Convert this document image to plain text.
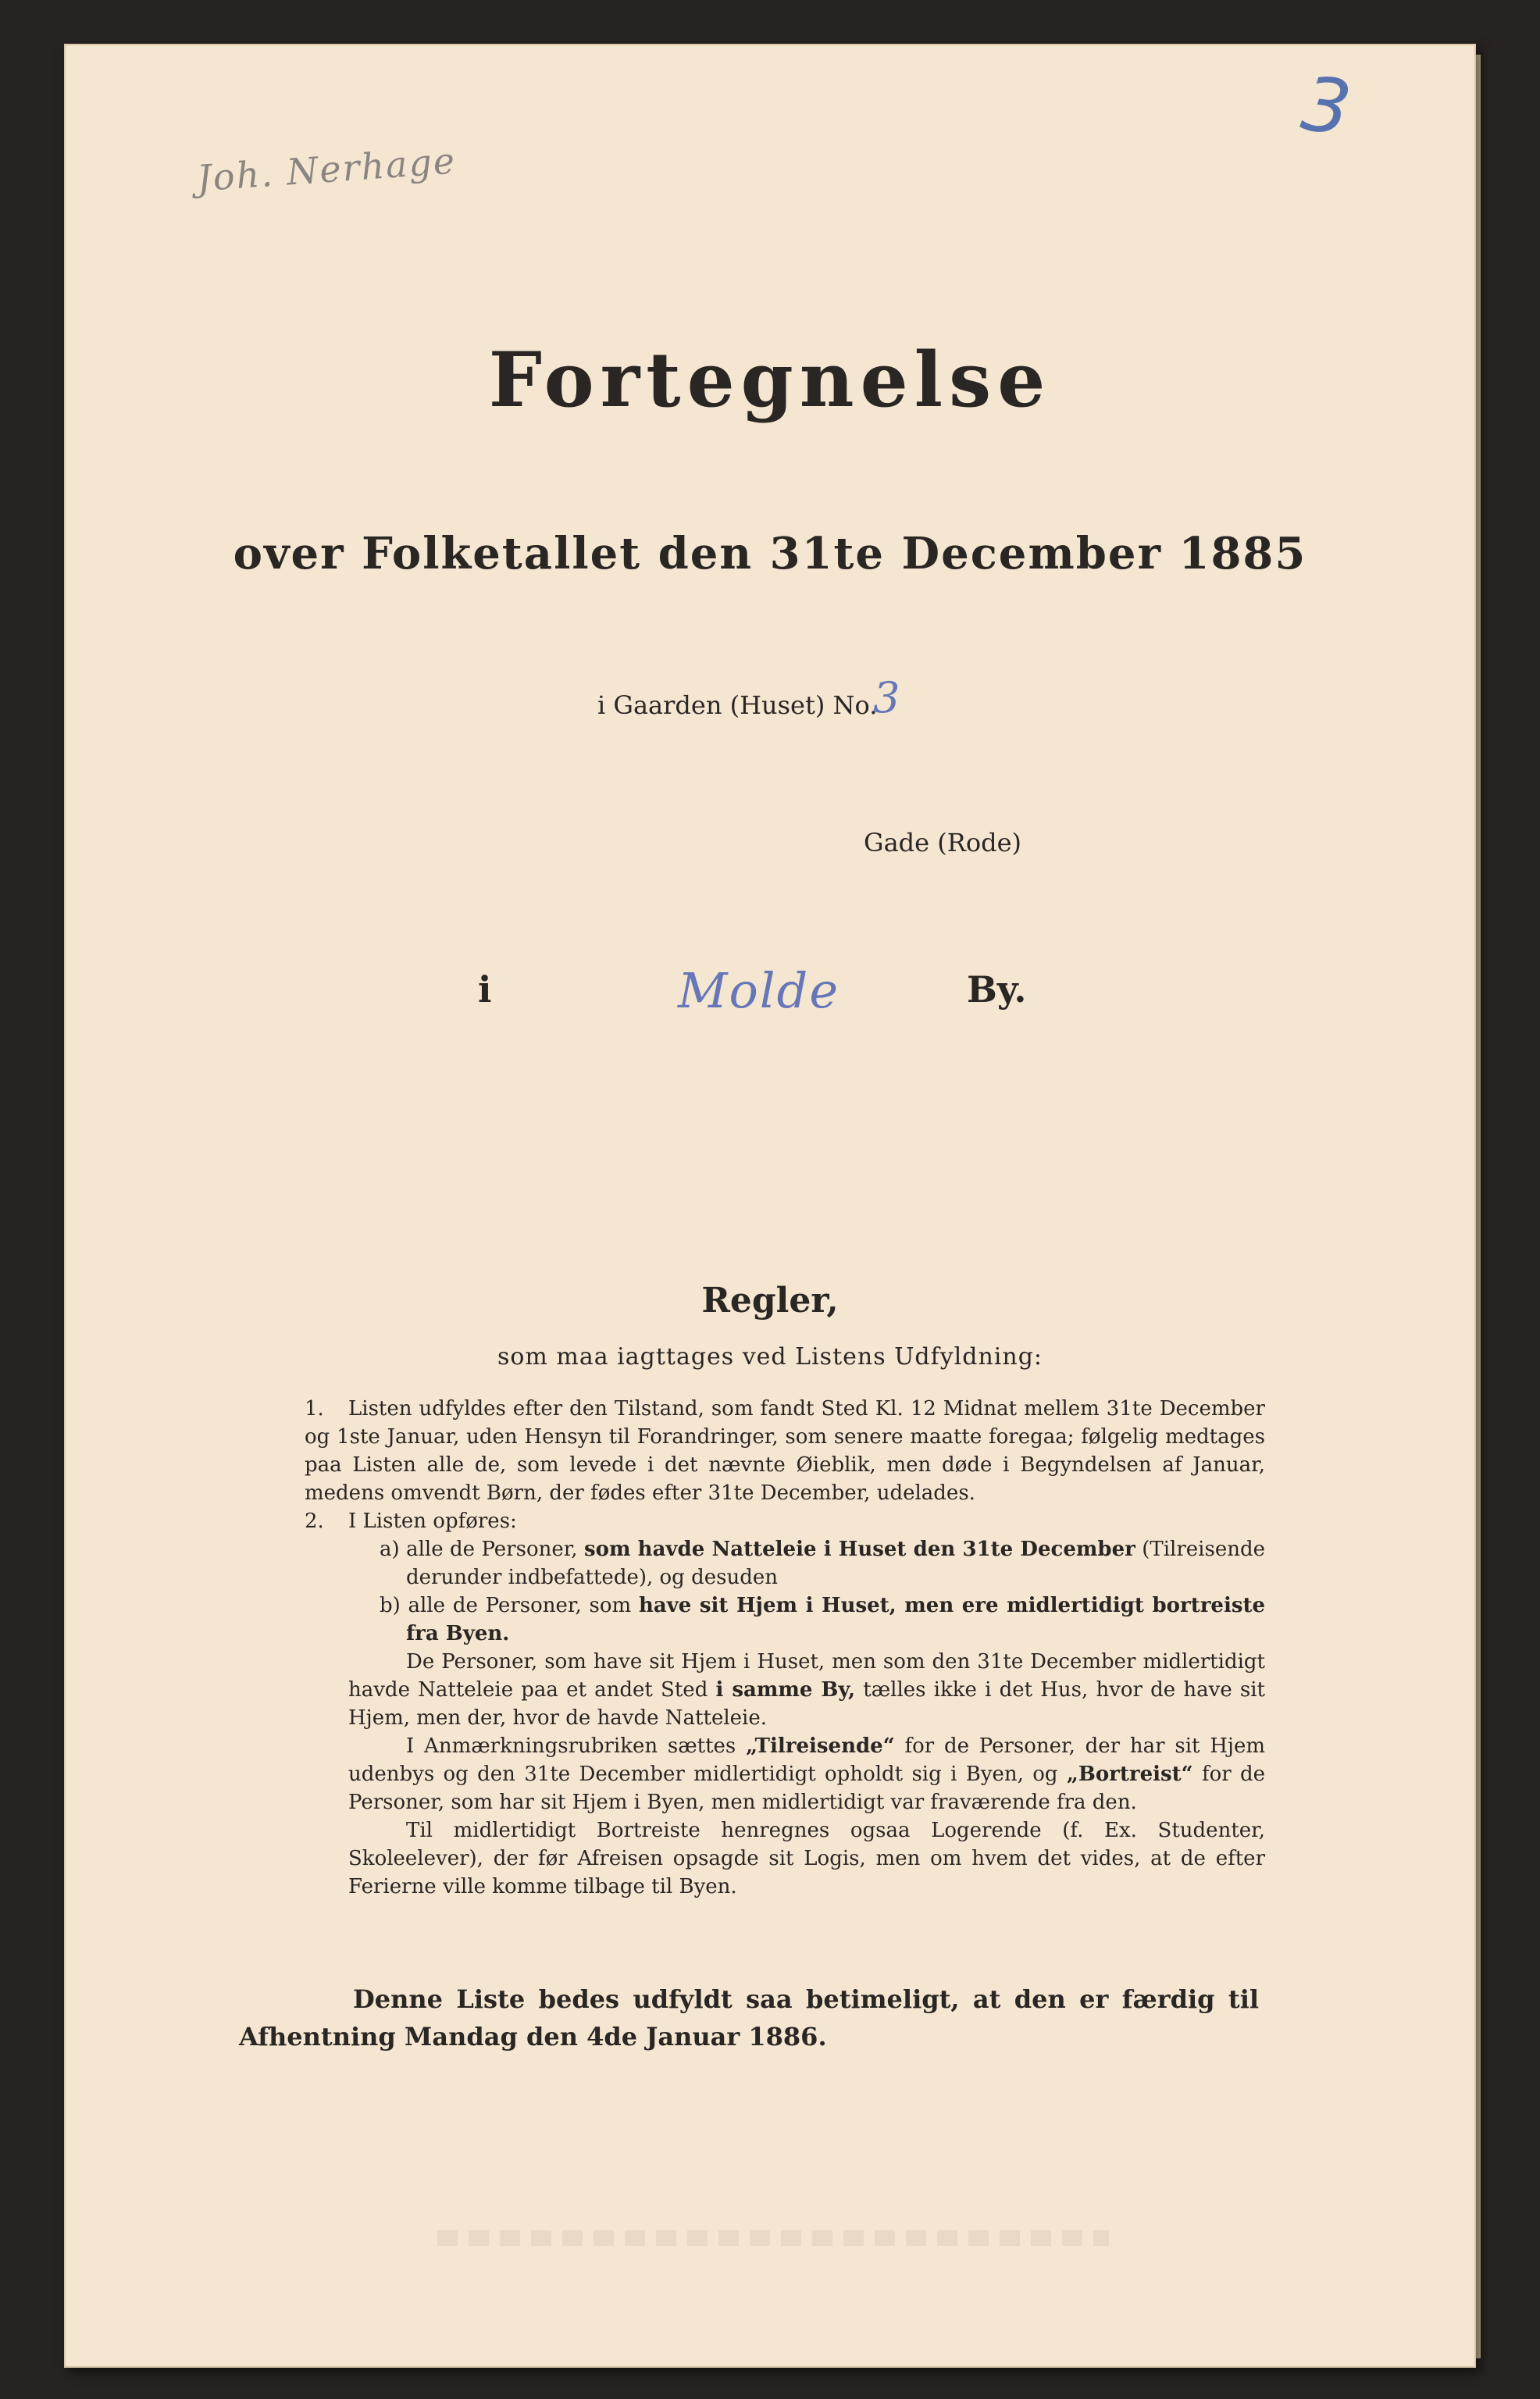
Joh. Nerhage
3
Fortegnelse
over Folketallet den 31te December 1885
i Gaarden (Huset) No.
3
Gade (Rode)
i	Molde	By.
Regler,
som maa iagttages ved Listens Udfyldning:

1. Listen udfyldes efter den Tilstand, som fandt Sted Kl. 12 Midnat mellem 31te December og 1ste Januar, uden Hensyn til Forandringer, som senere maatte foregaa; følgelig medtages paa Listen alle de, som levede i det nævnte Øieblik, men døde i Begyndelsen af Januar, medens omvendt Børn, der fødes efter 31te December, udelades.

2. I Listen opføres:

a) alle de Personer, som havde Natteleie i Huset den 31te December (Tilreisende derunder indbefattede), og desuden

b) alle de Personer, som have sit Hjem i Huset, men ere midlertidigt bortreiste fra Byen.

De Personer, som have sit Hjem i Huset, men som den 31te December midlertidigt havde Natteleie paa et andet Sted i samme By, tælles ikke i det Hus, hvor de have sit Hjem, men der, hvor de havde Natteleie.

I Anmærkningsrubriken sættes „Tilreisende“ for de Personer, der har sit Hjem udenbys og den 31te December midlertidigt opholdt sig i Byen, og „Bortreist“ for de Personer, som har sit Hjem i Byen, men midlertidigt var fraværende fra den.

Til midlertidigt Bortreiste henregnes ogsaa Logerende (f. Ex. Studenter, Skoleelever), der før Afreisen opsagde sit Logis, men om hvem det vides, at de efter Ferierne ville komme tilbage til Byen.

Denne Liste bedes udfyldt saa betimeligt, at den er færdig til Afhentning Mandag den 4de Januar 1886.
